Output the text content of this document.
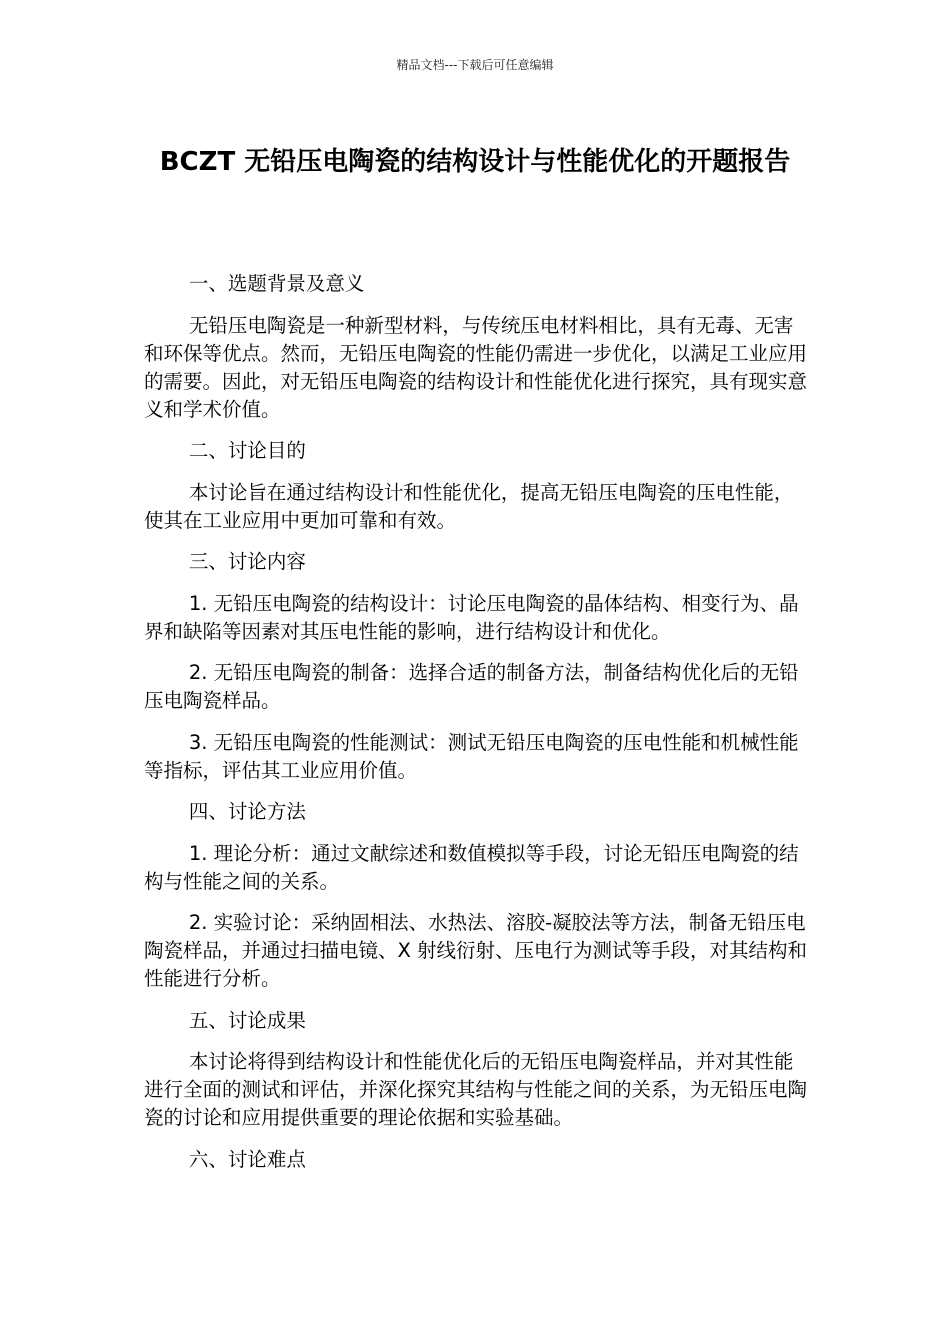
精品文档---下载后可任意编辑
BCZT 无铅压电陶瓷的结构设计与性能优化的开题报告

一、选题背景及意义

无铅压电陶瓷是一种新型材料，与传统压电材料相比，具有无毒、无害和环保等优点。然而，无铅压电陶瓷的性能仍需进一步优化，以满足工业应用的需要。因此，对无铅压电陶瓷的结构设计和性能优化进行探究，具有现实意义和学术价值。

二、讨论目的

本讨论旨在通过结构设计和性能优化，提高无铅压电陶瓷的压电性能，使其在工业应用中更加可靠和有效。

三、讨论内容

1. 无铅压电陶瓷的结构设计：讨论压电陶瓷的晶体结构、相变行为、晶界和缺陷等因素对其压电性能的影响，进行结构设计和优化。

2. 无铅压电陶瓷的制备：选择合适的制备方法，制备结构优化后的无铅压电陶瓷样品。

3. 无铅压电陶瓷的性能测试：测试无铅压电陶瓷的压电性能和机械性能等指标，评估其工业应用价值。

四、讨论方法

1. 理论分析：通过文献综述和数值模拟等手段，讨论无铅压电陶瓷的结构与性能之间的关系。

2. 实验讨论：采纳固相法、水热法、溶胶-凝胶法等方法，制备无铅压电陶瓷样品，并通过扫描电镜、X 射线衍射、压电行为测试等手段，对其结构和性能进行分析。

五、讨论成果

本讨论将得到结构设计和性能优化后的无铅压电陶瓷样品，并对其性能进行全面的测试和评估，并深化探究其结构与性能之间的关系，为无铅压电陶瓷的讨论和应用提供重要的理论依据和实验基础。

六、讨论难点
